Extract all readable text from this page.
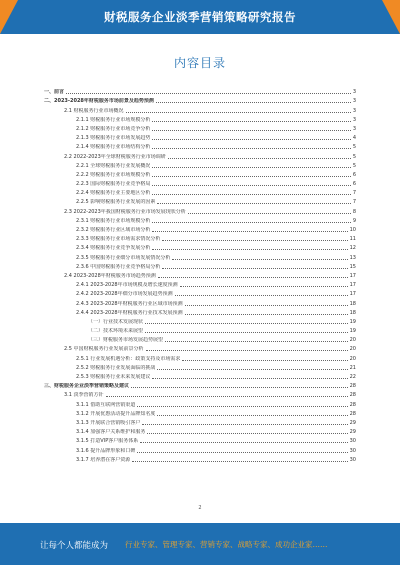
财税服务企业淡季营销策略研究报告
内容目录
一、前言	3
二、2023-2028年财税服务市场前景及趋势预测	3
2.1 财税服务行业市场概况	3
2.1.1 财税服务行业市场规模分析	3
2.1.2 财税服务行业市场竞争分析	3
2.1.3 财税服务行业市场发展趋势	4
2.1.4 财税服务行业市场结构分析	5
2.2 2022-2023年全球财税服务行业市场调研	5
2.2.1 全球财税服务行业发展概况	5
2.2.2 财税服务行业市场规模分析	6
2.2.3 国际财税服务行业竞争格局	6
2.2.4 财税服务行业主要地区分析	7
2.2.5 影响财税服务行业发展的因素	7
2.3 2022-2023年我国财税服务行业市场发展现状分析	8
2.3.1 财税服务行业市场规模分析	9
2.3.2 财税服务行业区域市场分析	10
2.3.3 财税服务行业市场需求情况分析	11
2.3.4 财税服务行业竞争发展分析	12
2.3.5 财税服务行业细分市场发展情况分析	13
2.3.6 中国财税服务行业竞争格局分析	15
2.4 2023-2028年财税服务市场趋势预测	17
2.4.1 2023-2028年市场规模及增长速度预测	17
2.4.2 2023-2028年细分市场发展趋势预测	17
2.4.3 2023-2028年财税服务行业区域市场预测	18
2.4.4 2023-2028年财税服务行业技术发展预测	18
（一）行业技术发展现状	19
（二）技术环境未来展望	19
（三）财税服务市场发展趋势展望	20
2.5 中国财税服务行业发展前景分析	20
2.5.1 行业发展机遇分析：政策支持及市场需求	20
2.5.2 财税服务行业发展面临的挑战	21
2.5.3 财税服务行业未来发展建议	22
三、财税服务企业淡季营销策略及建议	28
3.1 淡季营销方针	28
3.1.1 借助互联网营销渠道	28
3.1.2 开展优惠活动提升品牌知名度	28
3.1.3 开展联合营销吸引客户	29
3.1.4 加强客户关系维护和服务	29
3.1.5 打造VIP客户服务体系	30
3.1.6 提升品牌形象和口碑	30
3.1.7 培养潜在客户资源	30
2
让每个人都能成为 行业专家、管理专家、营销专家、战略专家、成功企业家……
